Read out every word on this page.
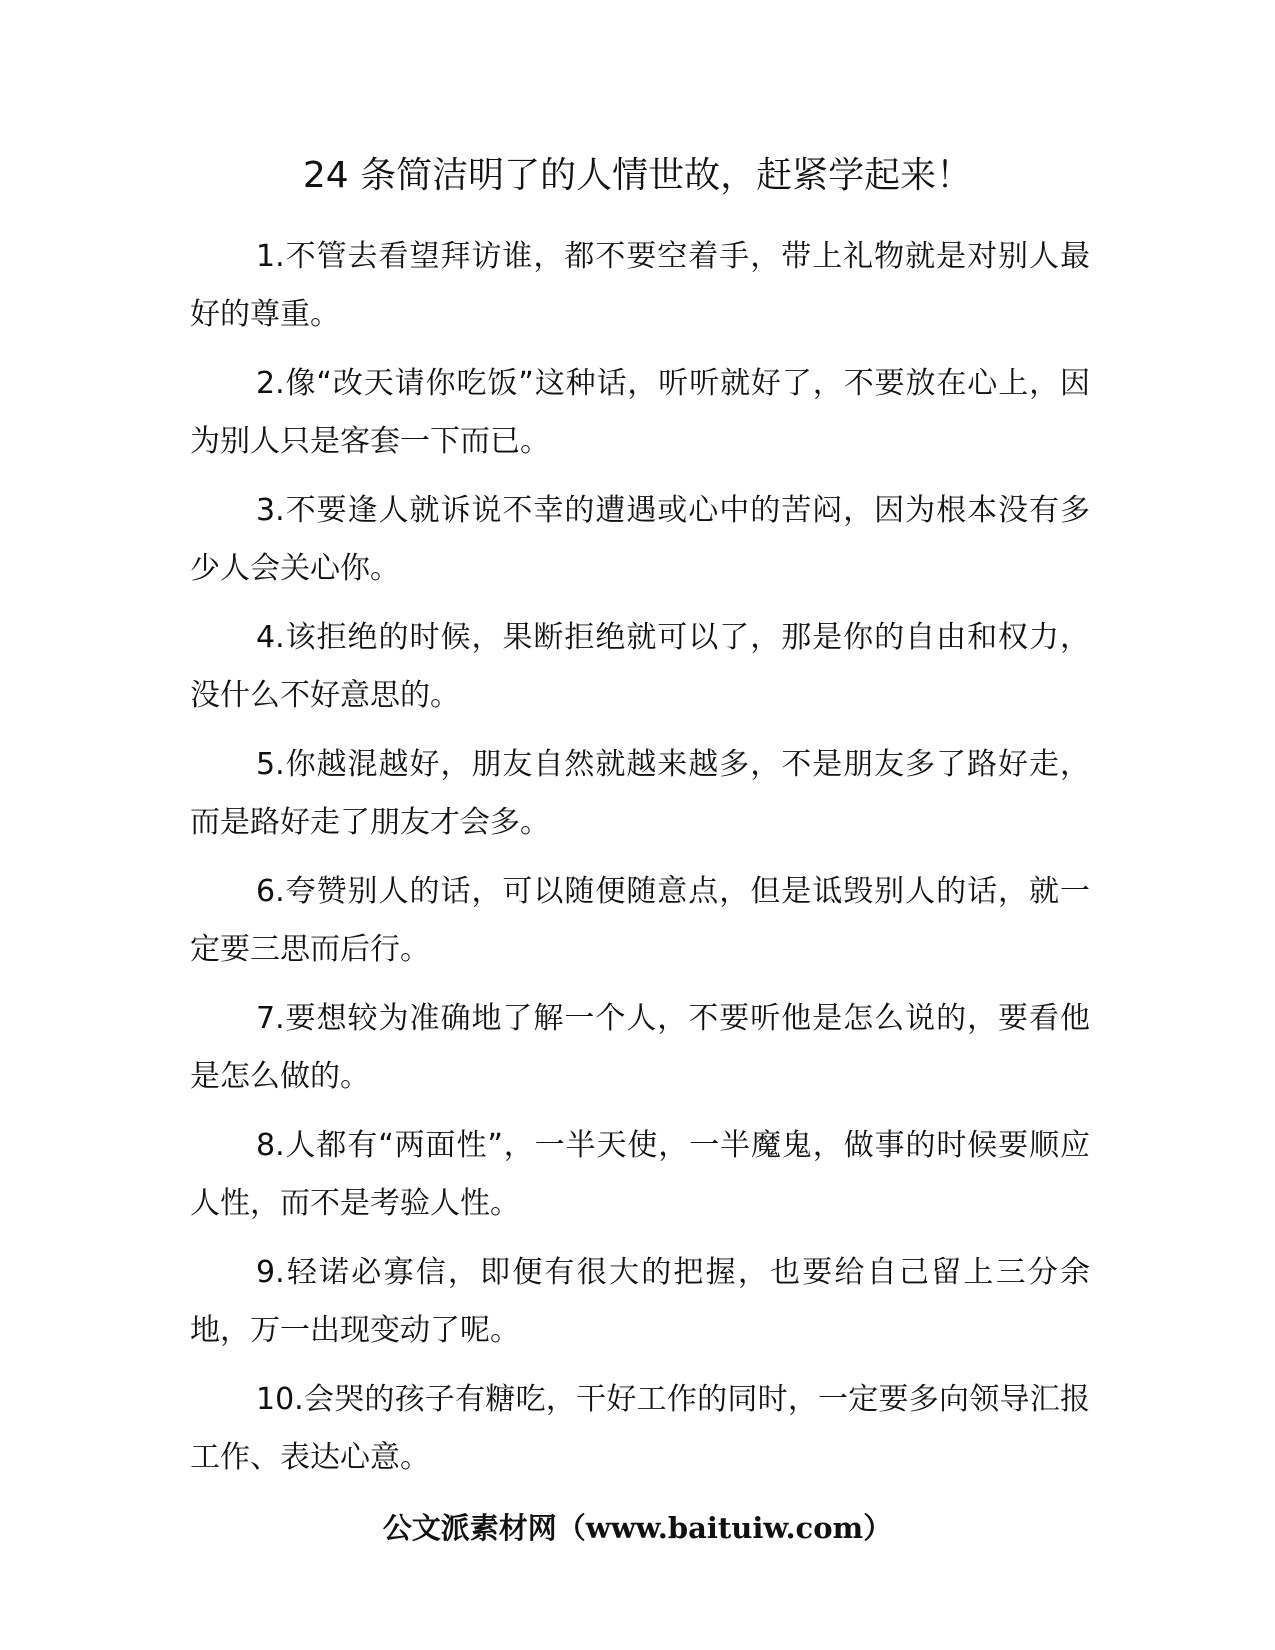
24 条简洁明了的人情世故，赶紧学起来！

1.不管去看望拜访谁，都不要空着手，带上礼物就是对别人最好的尊重。

2.像“改天请你吃饭”这种话，听听就好了，不要放在心上，因为别人只是客套一下而已。

3.不要逢人就诉说不幸的遭遇或心中的苦闷，因为根本没有多少人会关心你。

4.该拒绝的时候，果断拒绝就可以了，那是你的自由和权力，没什么不好意思的。

5.你越混越好，朋友自然就越来越多，不是朋友多了路好走，而是路好走了朋友才会多。

6.夸赞别人的话，可以随便随意点，但是诋毁别人的话，就一定要三思而后行。

7.要想较为准确地了解一个人，不要听他是怎么说的，要看他是怎么做的。

8.人都有“两面性”，一半天使，一半魔鬼，做事的时候要顺应人性，而不是考验人性。

9.轻诺必寡信，即便有很大的把握，也要给自己留上三分余地，万一出现变动了呢。

10.会哭的孩子有糖吃，干好工作的同时，一定要多向领导汇报工作、表达心意。

公文派素材网（www.baituiw.com）
